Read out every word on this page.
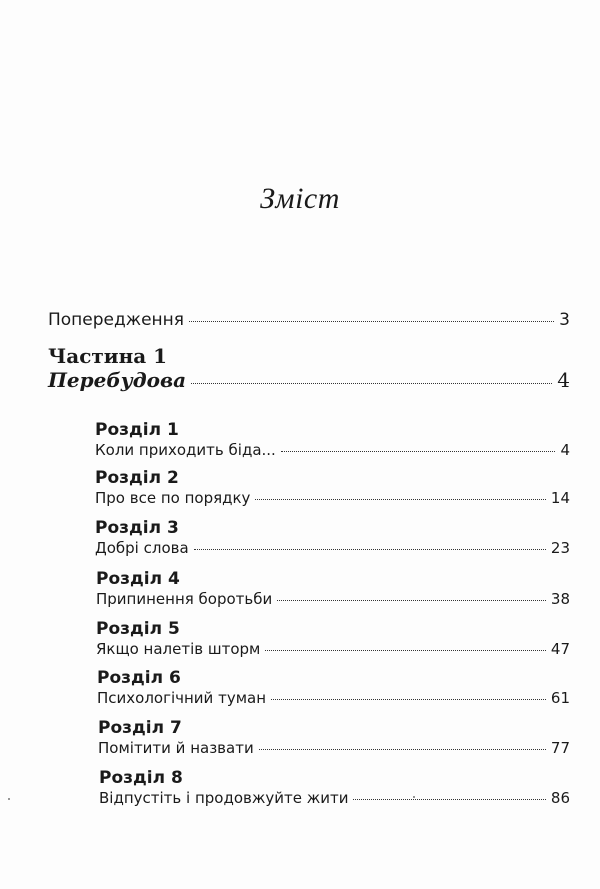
Зміст
Попередження	3
Частина 1
Перебудова	4
Розділ 1
Коли приходить біда...	4
Розділ 2
Про все по порядку	14
Розділ 3
Добрі слова	23
Розділ 4
Припинення боротьби	38
Розділ 5
Якщо налетів шторм	47
Розділ 6
Психологічний туман	61
Розділ 7
Помітити й назвати	77
Розділ 8
Відпустіть і продовжуйте жити	86
